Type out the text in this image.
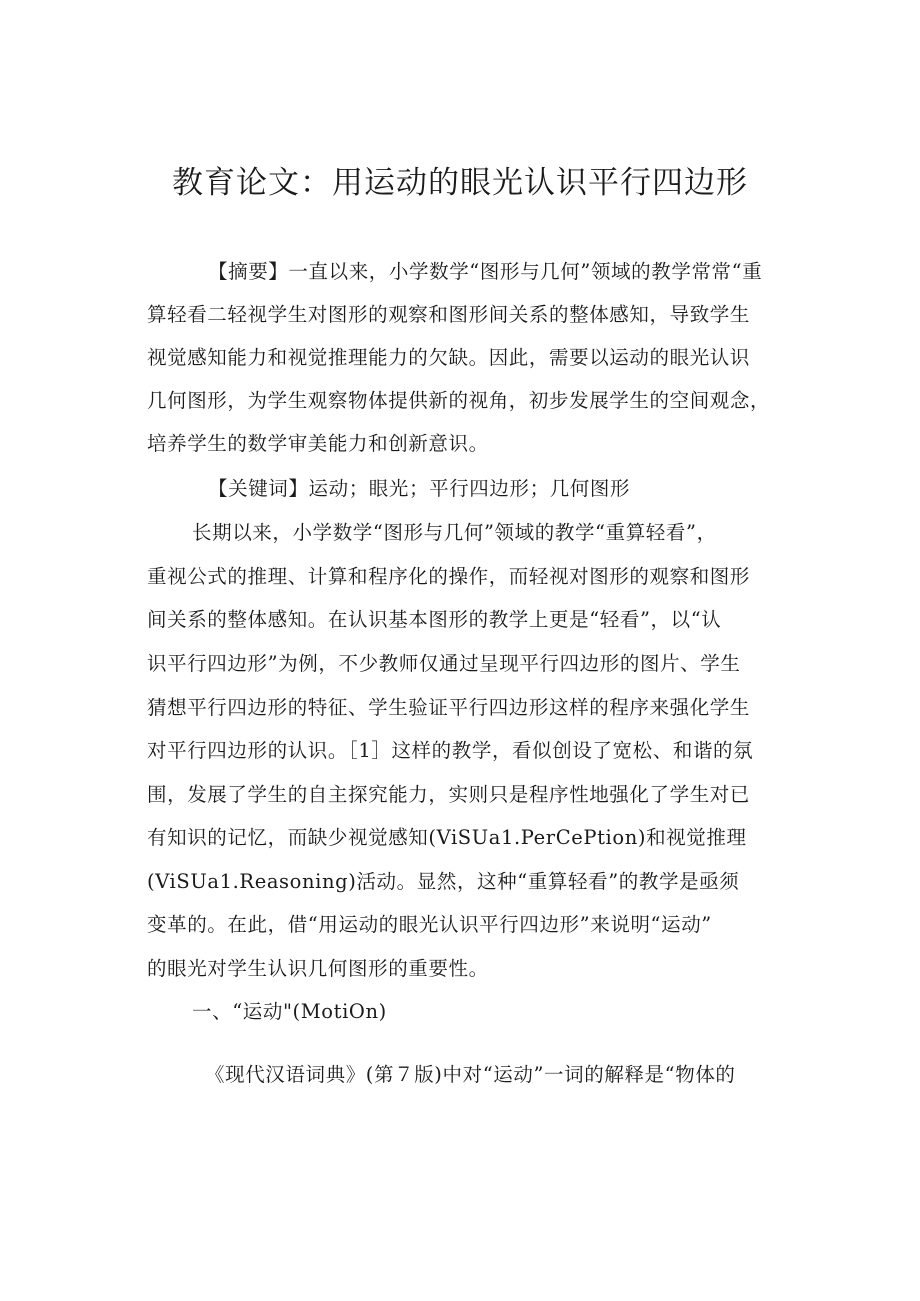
教育论文：用运动的眼光认识平行四边形
【摘要】一直以来，小学数学“图形与几何”领域的教学常常“重
算轻看二轻视学生对图形的观察和图形间关系的整体感知，导致学生
视觉感知能力和视觉推理能力的欠缺。因此，需要以运动的眼光认识
几何图形，为学生观察物体提供新的视角，初步发展学生的空间观念，
培养学生的数学审美能力和创新意识。
【关键词】运动；眼光；平行四边形；几何图形
长期以来，小学数学“图形与几何”领域的教学“重算轻看”，
重视公式的推理、计算和程序化的操作，而轻视对图形的观察和图形
间关系的整体感知。在认识基本图形的教学上更是“轻看”，以“认
识平行四边形”为例，不少教师仅通过呈现平行四边形的图片、学生
猜想平行四边形的特征、学生验证平行四边形这样的程序来强化学生
对平行四边形的认识。［1］这样的教学，看似创设了宽松、和谐的氛
围，发展了学生的自主探究能力，实则只是程序性地强化了学生对已
有知识的记忆，而缺少视觉感知(ViSUa1.PerCePtion)和视觉推理
(ViSUa1.Reasoning)活动。显然，这种“重算轻看”的教学是亟须
变革的。在此，借“用运动的眼光认识平行四边形”来说明“运动”
的眼光对学生认识几何图形的重要性。
一、“运动"(MotiOn)
《现代汉语词典》(第７版)中对“运动”一词的解释是“物体的
